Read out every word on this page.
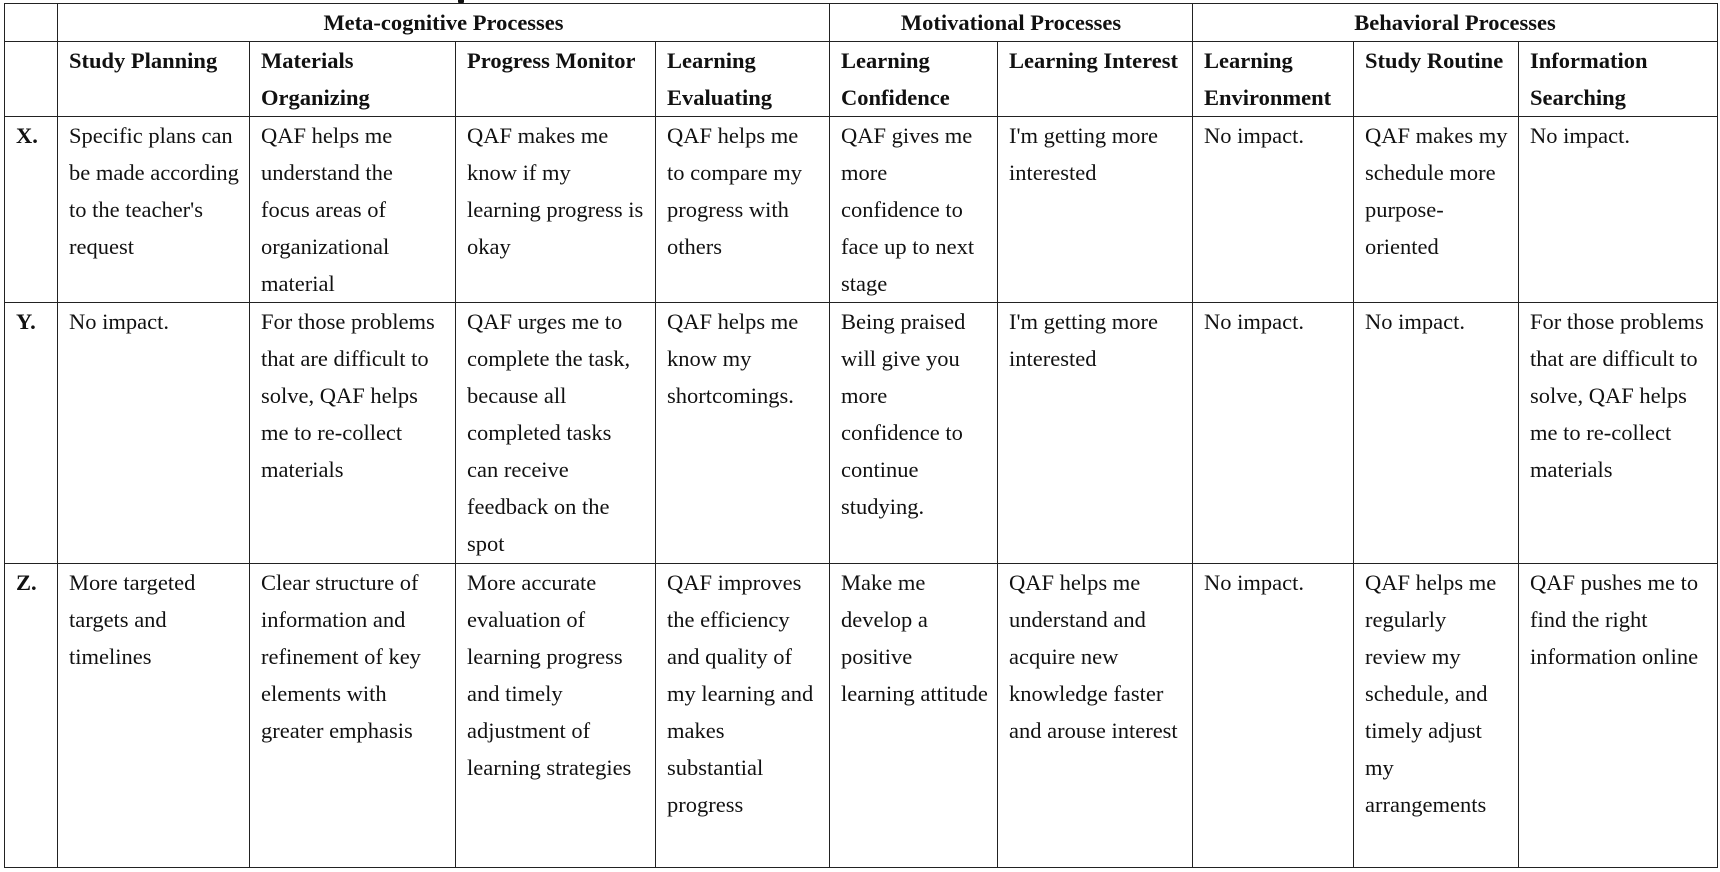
	Meta-cognitive Processes				Motivational Processes		Behavioral Processes		
	Study Planning	Materials Organizing	Progress Monitor	Learning Evaluating	Learning Confidence	Learning Interest	Learning Environment	Study Routine	Information Searching
X.	Specific plans can be made according to the teacher's request	QAF helps me understand the focus areas of organizational material	QAF makes me know if my learning progress is okay	QAF helps me to compare my progress with others	QAF gives me more confidence to face up to next stage	I'm getting more interested	No impact.	QAF makes my schedule more purpose-oriented	No impact.
Y.	No impact.	For those problems that are difficult to solve, QAF helps me to re-collect materials	QAF urges me to complete the task, because all completed tasks can receive feedback on the spot	QAF helps me know my shortcomings.	Being praised will give you more confidence to continue studying.	I'm getting more interested	No impact.	No impact.	For those problems that are difficult to solve, QAF helps me to re-collect materials
Z.	More targeted targets and timelines	Clear structure of information and refinement of key elements with greater emphasis	More accurate evaluation of learning progress and timely adjustment of learning strategies	QAF improves the efficiency and quality of my learning and makes substantial progress	Make me develop a positive learning attitude	QAF helps me understand and acquire new knowledge faster and arouse interest	No impact.	QAF helps me regularly review my schedule, and timely adjust my arrangements	QAF pushes me to find the right information online
